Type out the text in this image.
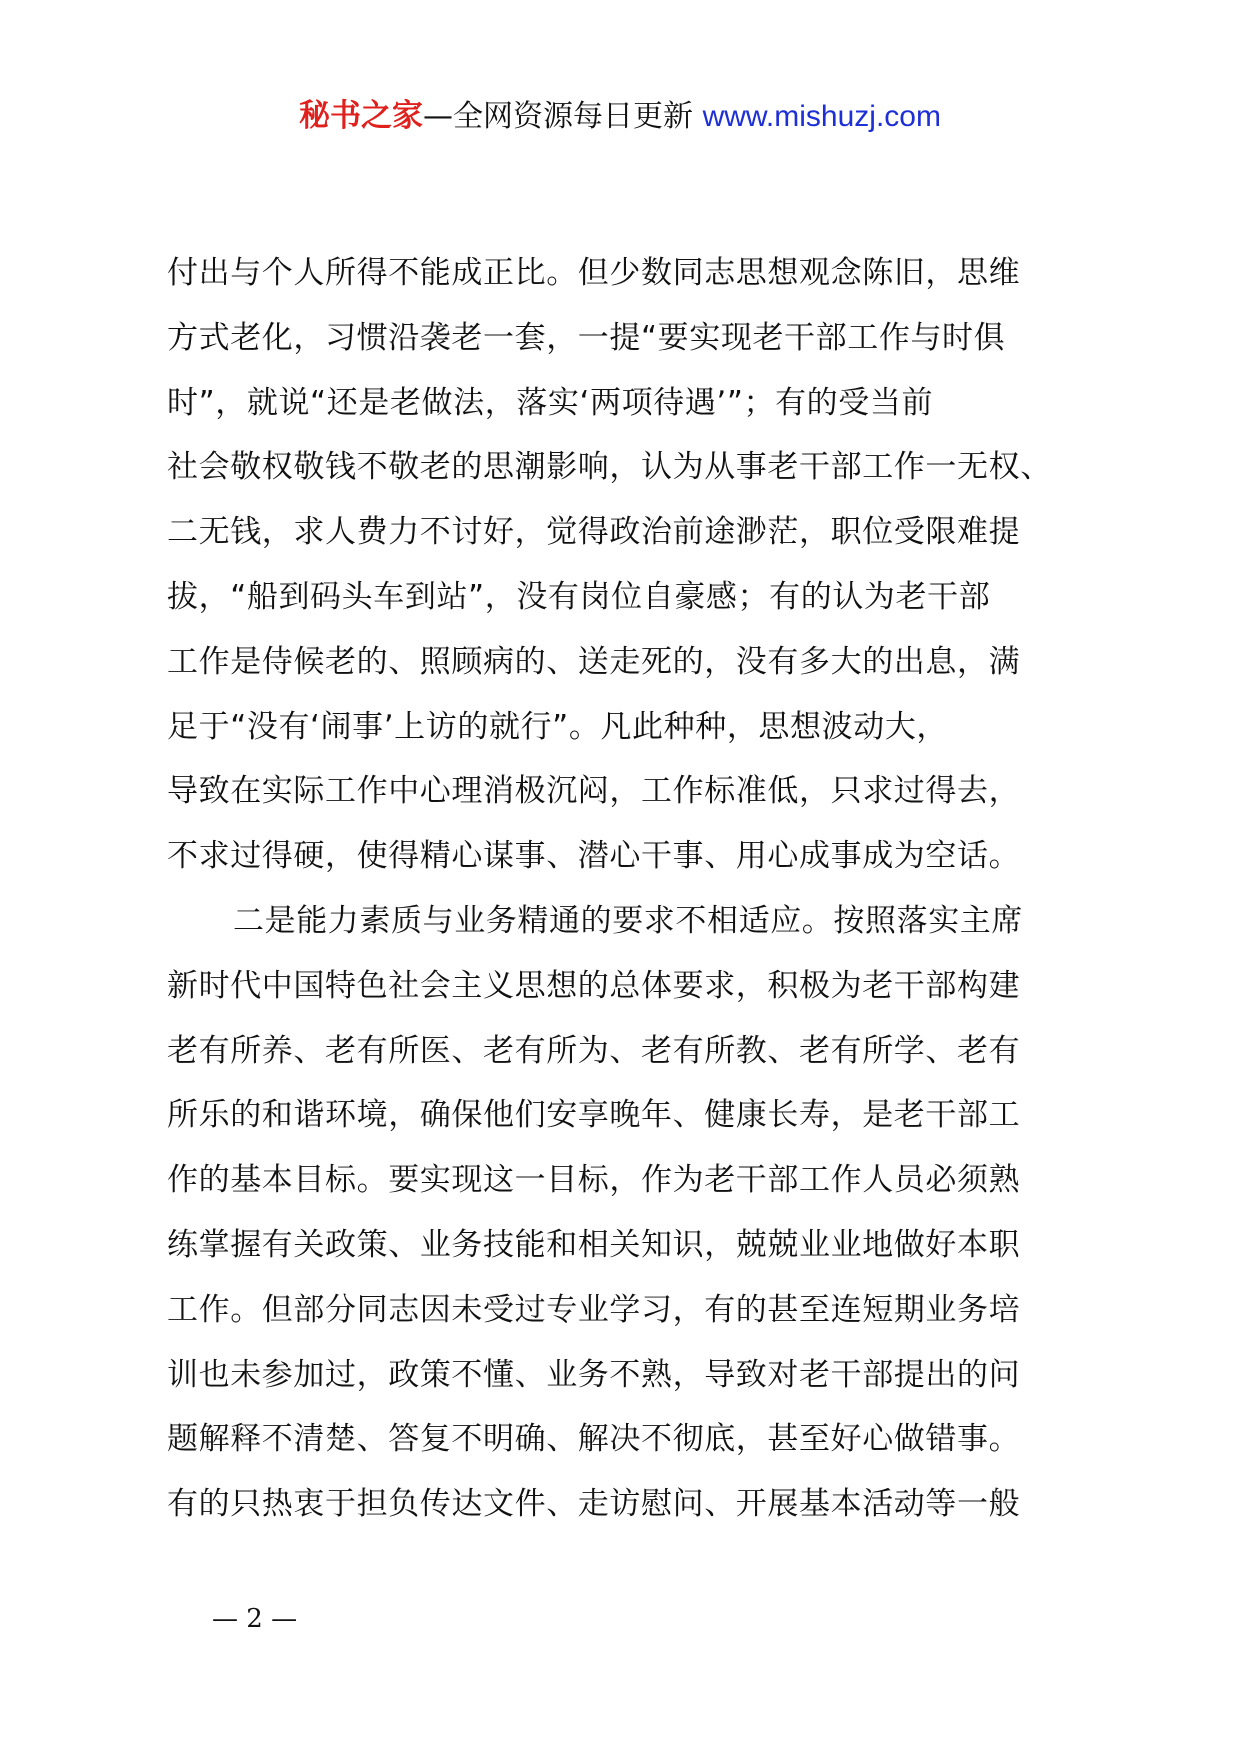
秘书之家—全网资源每日更新 www.mishuzj.com
付出与个人所得不能成正比。但少数同志思想观念陈旧，思维
方式老化，习惯沿袭老一套，一提“要实现老干部工作与时俱
时”，就说“还是老做法，落实‘两项待遇’”；有的受当前
社会敬权敬钱不敬老的思潮影响，认为从事老干部工作一无权、
二无钱，求人费力不讨好，觉得政治前途渺茫，职位受限难提
拔，“船到码头车到站”，没有岗位自豪感；有的认为老干部
工作是侍候老的、照顾病的、送走死的，没有多大的出息，满
足于“没有‘闹事’上访的就行”。凡此种种，思想波动大，
导致在实际工作中心理消极沉闷，工作标准低，只求过得去，
不求过得硬，使得精心谋事、潜心干事、用心成事成为空话。
二是能力素质与业务精通的要求不相适应。按照落实主席
新时代中国特色社会主义思想的总体要求，积极为老干部构建
老有所养、老有所医、老有所为、老有所教、老有所学、老有
所乐的和谐环境，确保他们安享晚年、健康长寿，是老干部工
作的基本目标。要实现这一目标，作为老干部工作人员必须熟
练掌握有关政策、业务技能和相关知识，兢兢业业地做好本职
工作。但部分同志因未受过专业学习，有的甚至连短期业务培
训也未参加过，政策不懂、业务不熟，导致对老干部提出的问
题解释不清楚、答复不明确、解决不彻底，甚至好心做错事。
有的只热衷于担负传达文件、走访慰问、开展基本活动等一般
— 2 —
